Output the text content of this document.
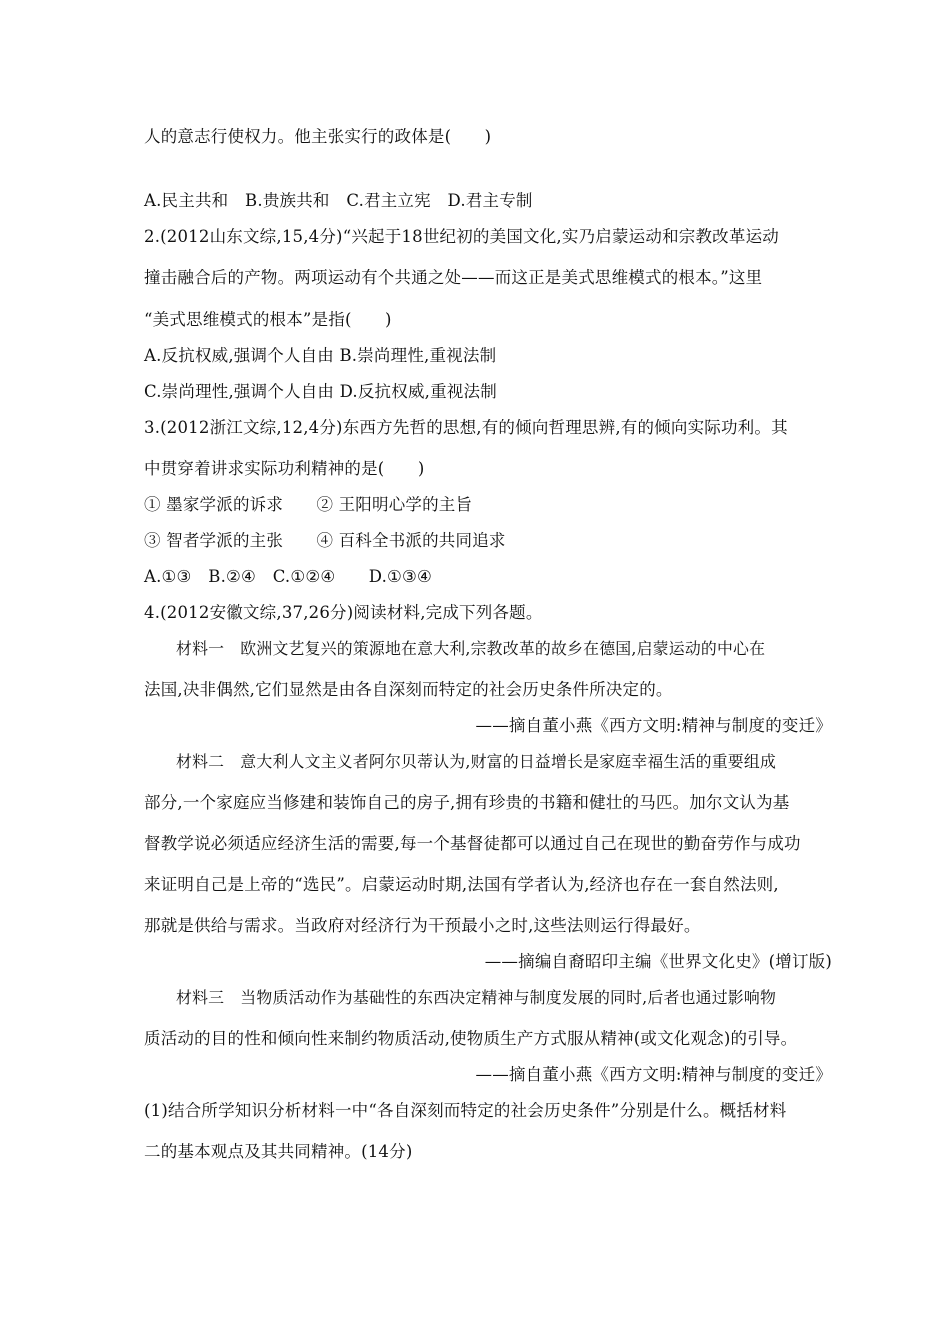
人的意志行使权力。他主张实行的政体是(　　)
A.民主共和　B.贵族共和　C.君主立宪　D.君主专制
2.(2012山东文综,15,4分)“兴起于18世纪初的美国文化,实乃启蒙运动和宗教改革运动
撞击融合后的产物。两项运动有个共通之处——而这正是美式思维模式的根本。”这里
“美式思维模式的根本”是指(　　)
A.反抗权威,强调个人自由 B.崇尚理性,重视法制
C.崇尚理性,强调个人自由 D.反抗权威,重视法制
3.(2012浙江文综,12,4分)东西方先哲的思想,有的倾向哲理思辨,有的倾向实际功利。其
中贯穿着讲求实际功利精神的是(　　)
① 墨家学派的诉求　　② 王阳明心学的主旨
③ 智者学派的主张　　④ 百科全书派的共同追求
A.①③　B.②④　C.①②④　　D.①③④
4.(2012安徽文综,37,26分)阅读材料,完成下列各题。
材料一　欧洲文艺复兴的策源地在意大利,宗教改革的故乡在德国,启蒙运动的中心在
法国,决非偶然,它们显然是由各自深刻而特定的社会历史条件所决定的。
——摘自董小燕《西方文明:精神与制度的变迁》
材料二　意大利人文主义者阿尔贝蒂认为,财富的日益增长是家庭幸福生活的重要组成
部分,一个家庭应当修建和装饰自己的房子,拥有珍贵的书籍和健壮的马匹。加尔文认为基
督教学说必须适应经济生活的需要,每一个基督徒都可以通过自己在现世的勤奋劳作与成功
来证明自己是上帝的“选民”。启蒙运动时期,法国有学者认为,经济也存在一套自然法则,
那就是供给与需求。当政府对经济行为干预最小之时,这些法则运行得最好。
——摘编自裔昭印主编《世界文化史》(增订版)
材料三　当物质活动作为基础性的东西决定精神与制度发展的同时,后者也通过影响物
质活动的目的性和倾向性来制约物质活动,使物质生产方式服从精神(或文化观念)的引导。
——摘自董小燕《西方文明:精神与制度的变迁》
(1)结合所学知识分析材料一中“各自深刻而特定的社会历史条件”分别是什么。概括材料
二的基本观点及其共同精神。(14分)
